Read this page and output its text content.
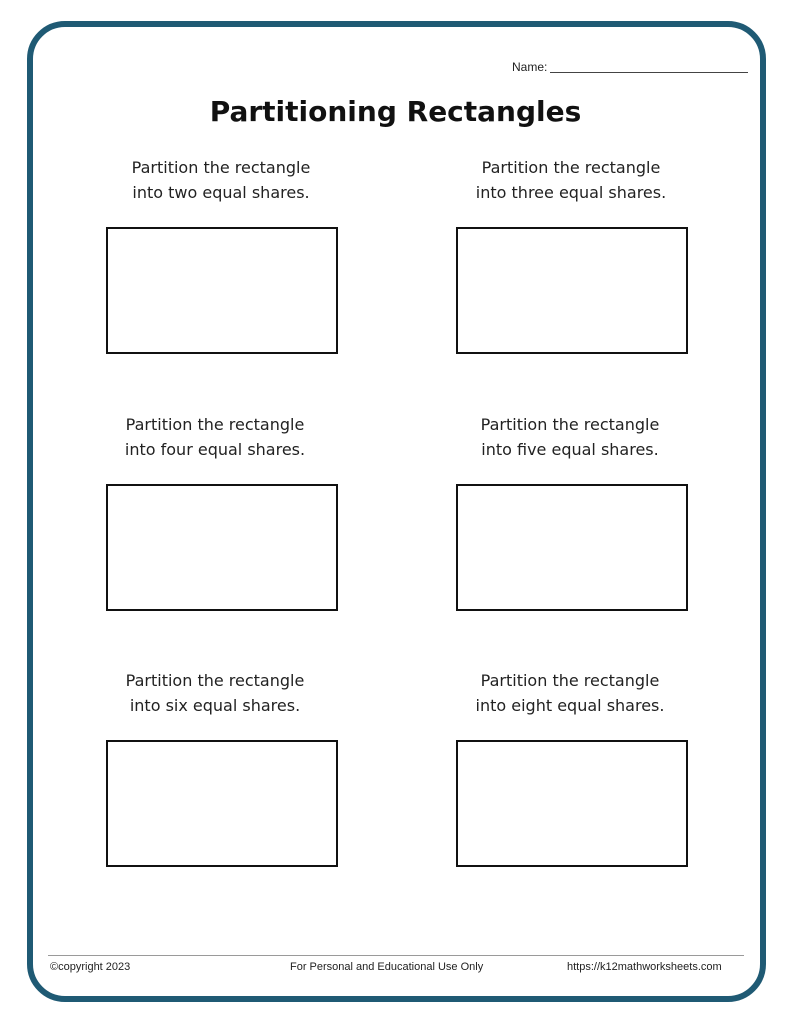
Name:
Partitioning Rectangles
Partition the rectangle
into two equal shares.
Partition the rectangle
into three equal shares.
Partition the rectangle
into four equal shares.
Partition the rectangle
into five equal shares.
Partition the rectangle
into six equal shares.
Partition the rectangle
into eight equal shares.
©copyright 2023	For Personal and Educational Use Only	https://k12mathworksheets.com
